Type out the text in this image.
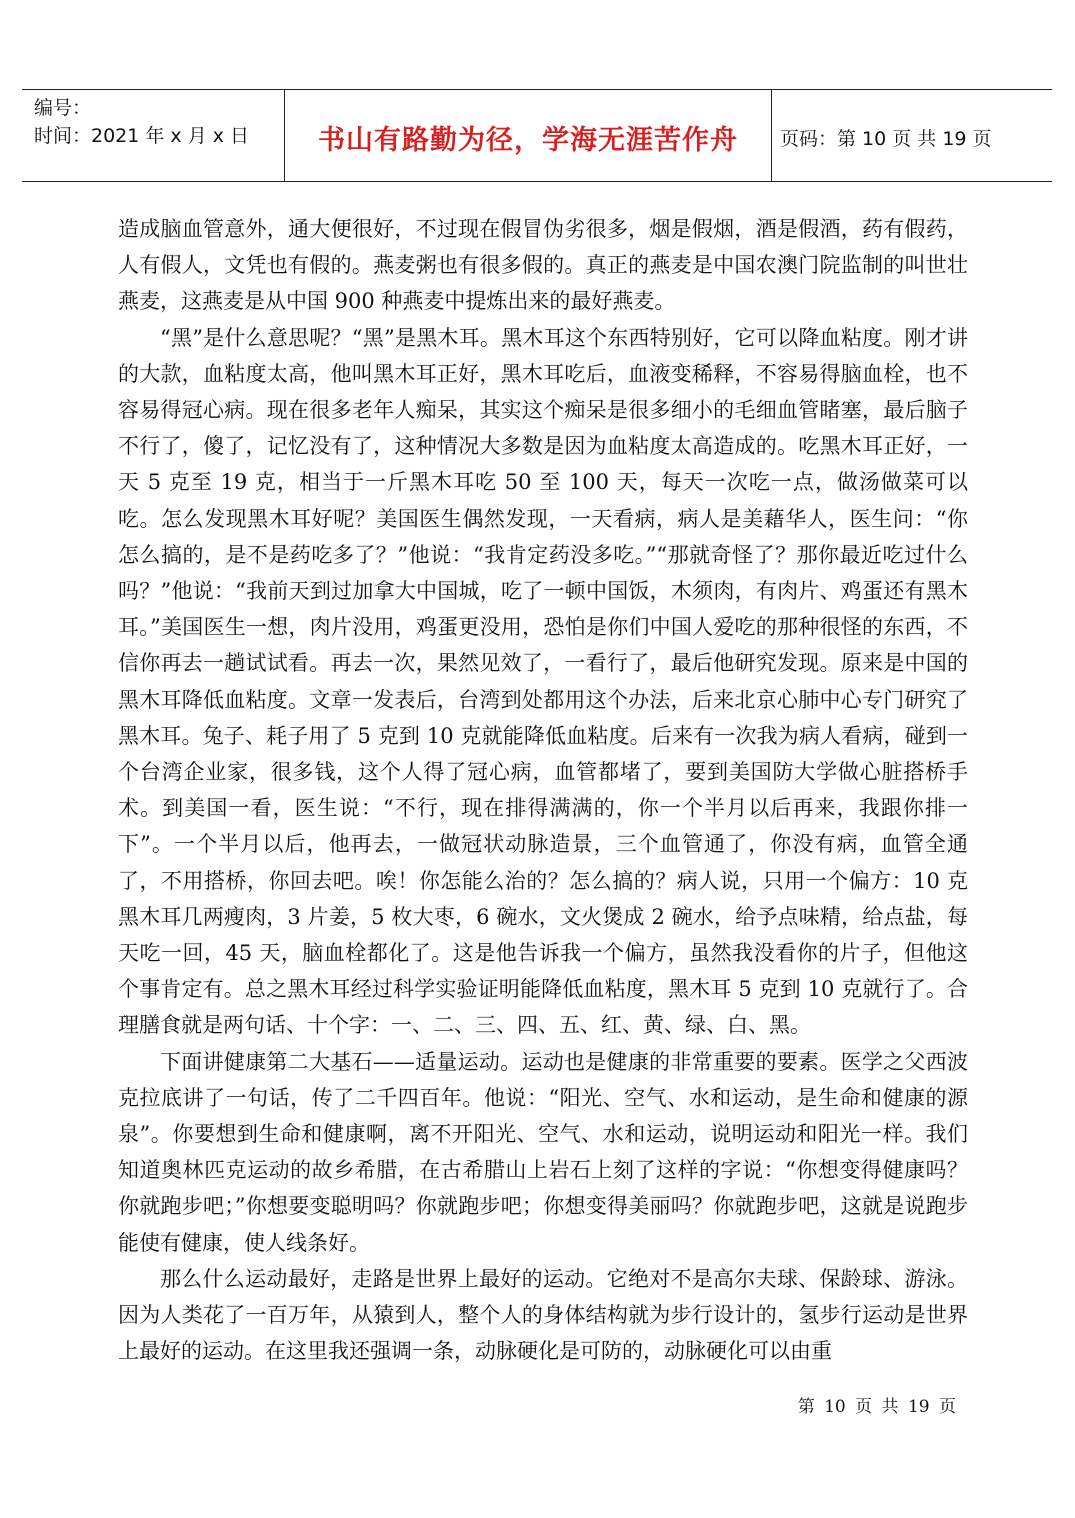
编号：
时间：2021 年 x 月 x 日	书山有路勤为径，学海无涯苦作舟	页码：第 10 页 共 19 页

造成脑血管意外，通大便很好，不过现在假冒伪劣很多，烟是假烟，酒是假酒，药有假药，人有假人，文凭也有假的。燕麦粥也有很多假的。真正的燕麦是中国农澳门院监制的叫世壮燕麦，这燕麦是从中国 900 种燕麦中提炼出来的最好燕麦。

“黑”是什么意思呢？“黑”是黑木耳。黑木耳这个东西特别好，它可以降血粘度。刚才讲的大款，血粘度太高，他叫黑木耳正好，黑木耳吃后，血液变稀释，不容易得脑血栓，也不容易得冠心病。现在很多老年人痴呆，其实这个痴呆是很多细小的毛细血管睹塞，最后脑子不行了，傻了，记忆没有了，这种情况大多数是因为血粘度太高造成的。吃黑木耳正好，一天 5 克至 19 克，相当于一斤黑木耳吃 50 至 100 天，每天一次吃一点，做汤做菜可以吃。怎么发现黑木耳好呢？美国医生偶然发现，一天看病，病人是美藉华人，医生问：“你怎么搞的，是不是药吃多了？”他说：“我肯定药没多吃。”“那就奇怪了？那你最近吃过什么吗？”他说：“我前天到过加拿大中国城，吃了一顿中国饭，木须肉，有肉片、鸡蛋还有黑木耳。”美国医生一想，肉片没用，鸡蛋更没用，恐怕是你们中国人爱吃的那种很怪的东西，不信你再去一趟试试看。再去一次，果然见效了，一看行了，最后他研究发现。原来是中国的黑木耳降低血粘度。文章一发表后，台湾到处都用这个办法，后来北京心肺中心专门研究了黑木耳。兔子、耗子用了 5 克到 10 克就能降低血粘度。后来有一次我为病人看病，碰到一个台湾企业家，很多钱，这个人得了冠心病，血管都堵了，要到美国防大学做心脏搭桥手术。到美国一看，医生说：“不行，现在排得满满的，你一个半月以后再来，我跟你排一下”。一个半月以后，他再去，一做冠状动脉造景，三个血管通了，你没有病，血管全通了，不用搭桥，你回去吧。唉！你怎能么治的？怎么搞的？病人说，只用一个偏方：10 克黑木耳几两瘦肉，3 片姜，5 枚大枣，6 碗水，文火煲成 2 碗水，给予点味精，给点盐，每天吃一回，45 天，脑血栓都化了。这是他告诉我一个偏方，虽然我没看你的片子，但他这个事肯定有。总之黑木耳经过科学实验证明能降低血粘度，黑木耳 5 克到 10 克就行了。合理膳食就是两句话、十个字：一、二、三、四、五、红、黄、绿、白、黑。

下面讲健康第二大基石——适量运动。运动也是健康的非常重要的要素。医学之父西波克拉底讲了一句话，传了二千四百年。他说：“阳光、空气、水和运动，是生命和健康的源泉”。你要想到生命和健康啊，离不开阳光、空气、水和运动，说明运动和阳光一样。我们知道奥林匹克运动的故乡希腊，在古希腊山上岩石上刻了这样的字说：“你想变得健康吗？你就跑步吧；”你想要变聪明吗？你就跑步吧；你想变得美丽吗？你就跑步吧，这就是说跑步能使有健康，使人线条好。

那么什么运动最好，走路是世界上最好的运动。它绝对不是高尔夫球、保龄球、游泳。因为人类花了一百万年，从猿到人，整个人的身体结构就为步行设计的，氢步行运动是世界上最好的运动。在这里我还强调一条，动脉硬化是可防的，动脉硬化可以由重

第 10 页 共 19 页
